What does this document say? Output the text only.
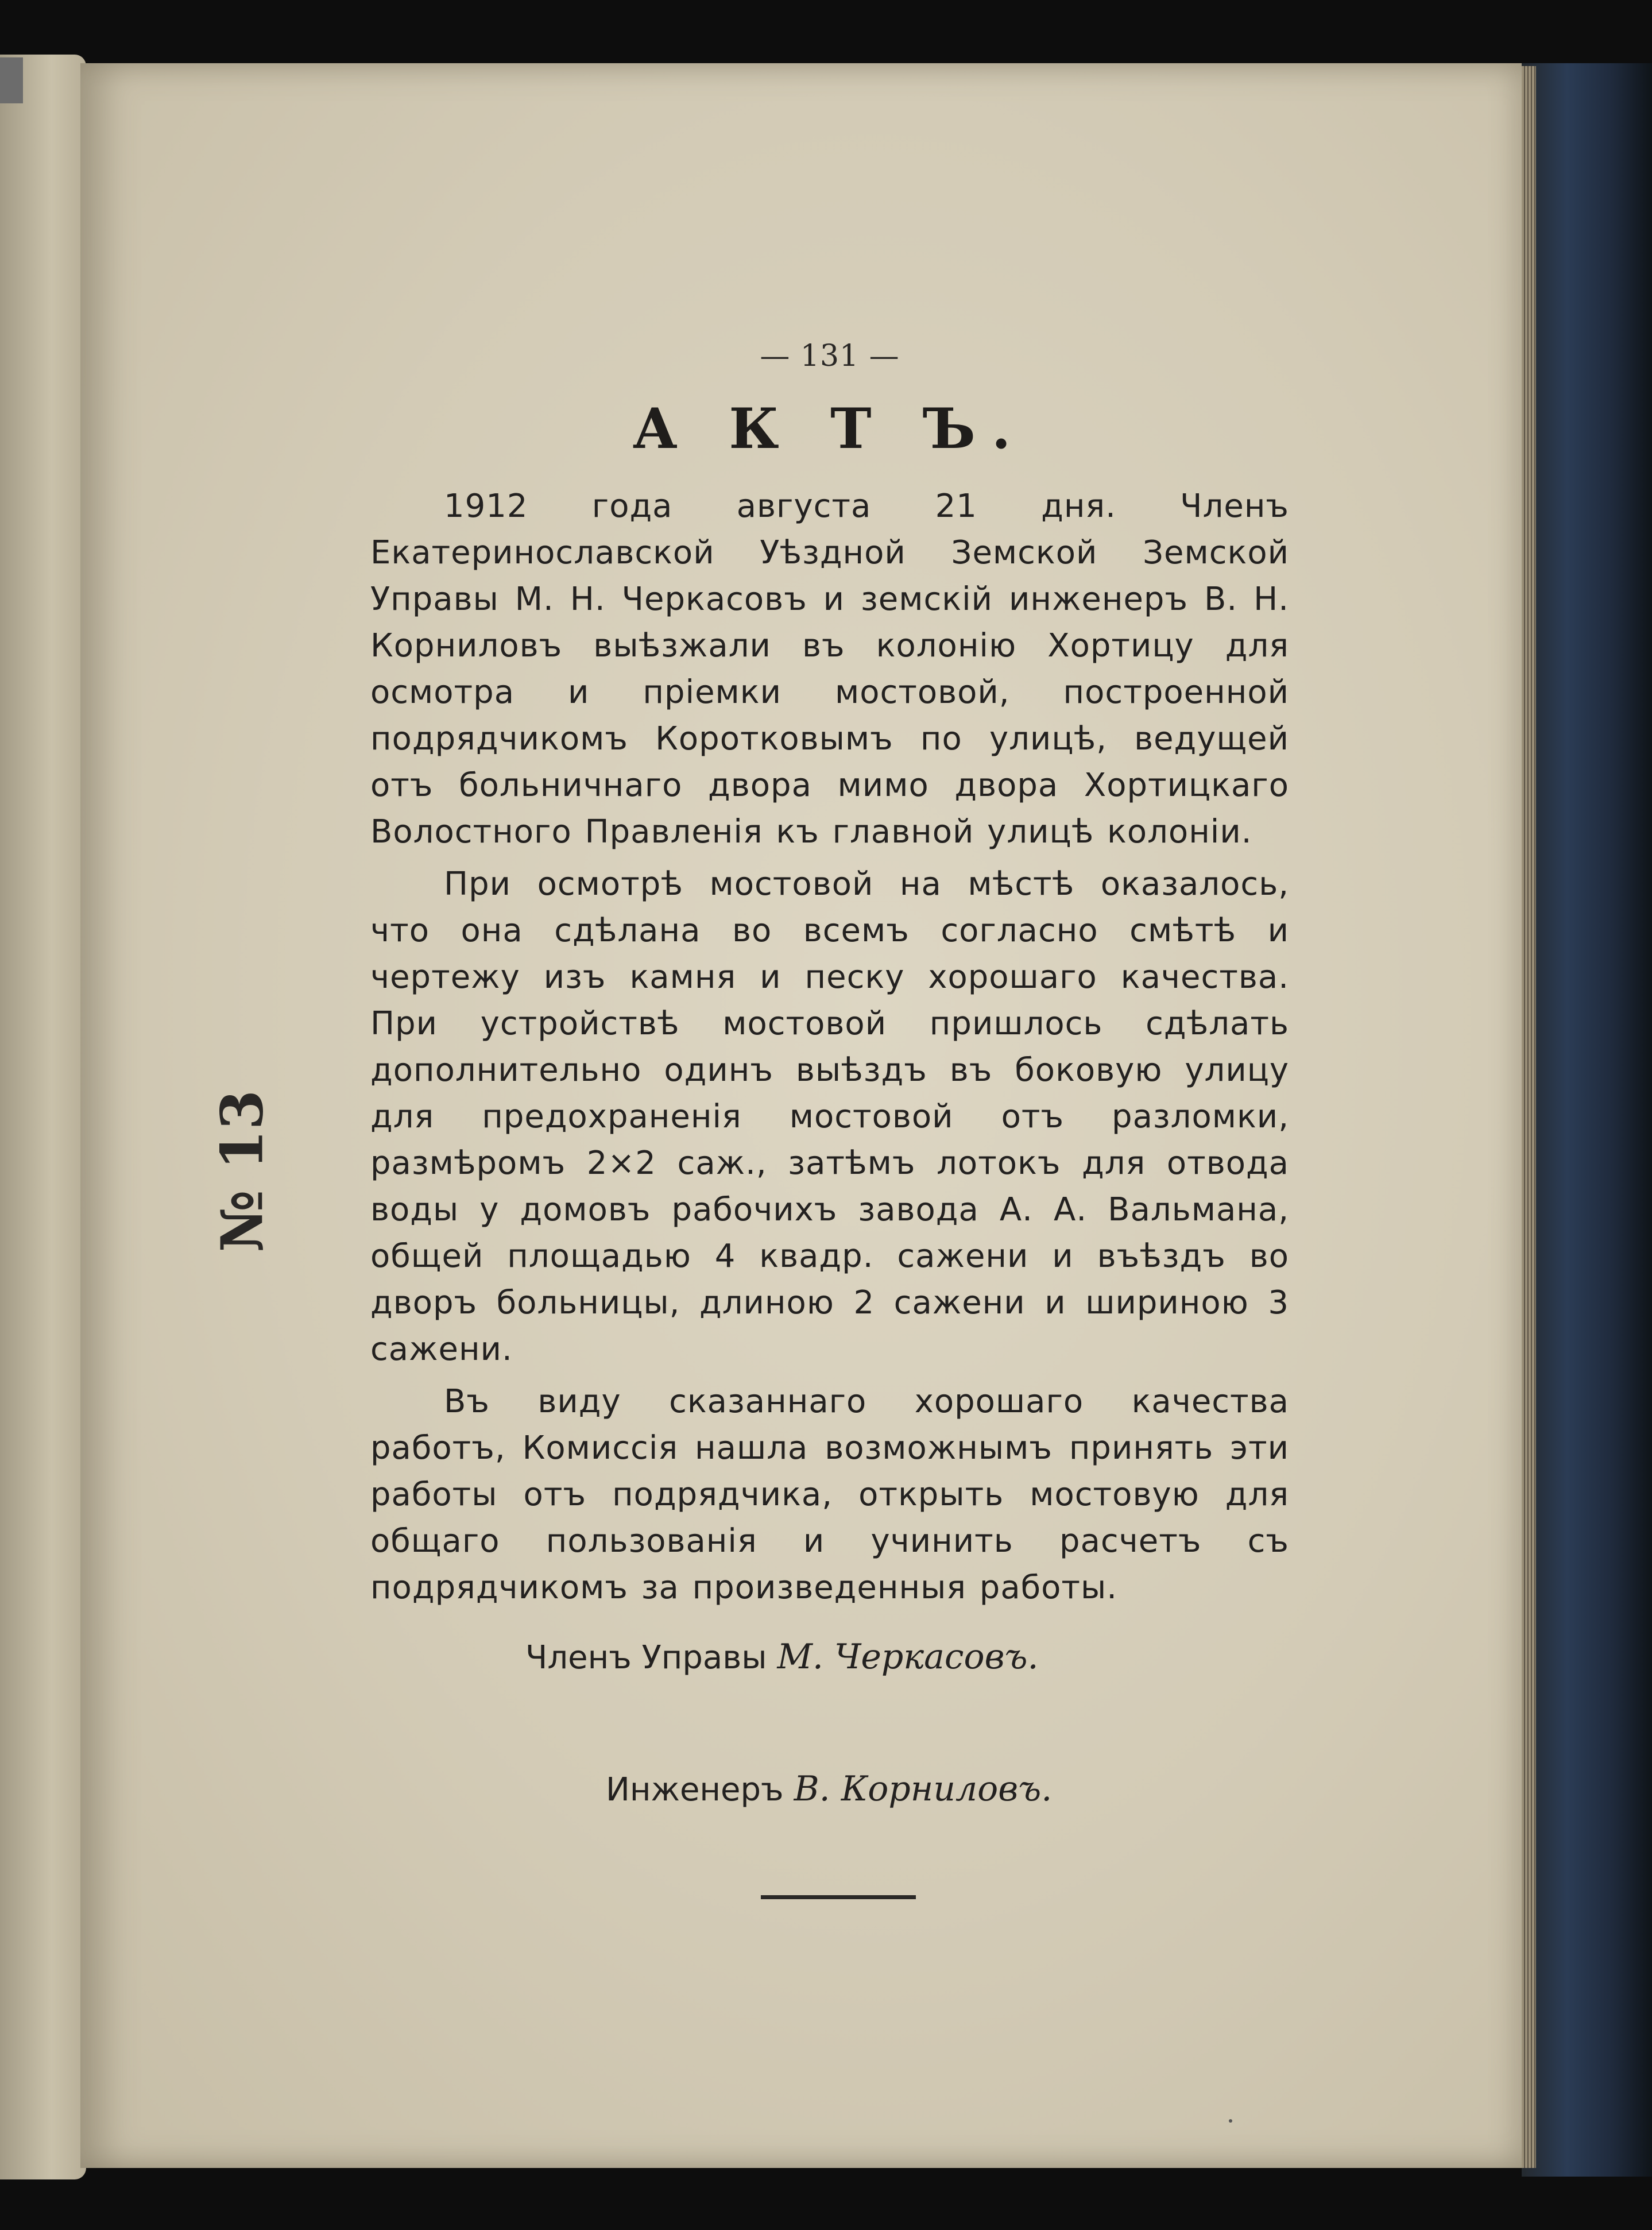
№ 13

— 131 —

А К Т Ъ.

1912 года августа 21 дня. Членъ Екатеринославской Уѣздной Земской Земской Управы М. Н. Черкасовъ и земскій инженеръ В. Н. Корниловъ выѣзжали въ колонію Хортицу для осмотра и пріемки мостовой, построенной подрядчикомъ Коротковымъ по улицѣ, ведущей отъ больничнаго двора мимо двора Хортицкаго Волостного Правленія къ главной улицѣ колоніи.

При осмотрѣ мостовой на мѣстѣ оказалось, что она сдѣлана во всемъ согласно смѣтѣ и чертежу изъ камня и песку хорошаго качества. При устройствѣ мостовой пришлось сдѣлать дополнительно одинъ выѣздъ въ боковую улицу для предохраненія мостовой отъ разломки, размѣромъ 2×2 саж., затѣмъ лотокъ для отвода воды у домовъ рабочихъ завода А. А. Вальмана, общей площадью 4 квадр. сажени и въѣздъ во дворъ больницы, длиною 2 сажени и шириною 3 сажени.

Въ виду сказаннаго хорошаго качества работъ, Комиссія нашла возможнымъ принять эти работы отъ подрядчика, открыть мостовую для общаго пользованія и учинить расчетъ съ подрядчикомъ за произведенныя работы.

Членъ Управы М. Черкасовъ.

Инженеръ В. Корниловъ.
